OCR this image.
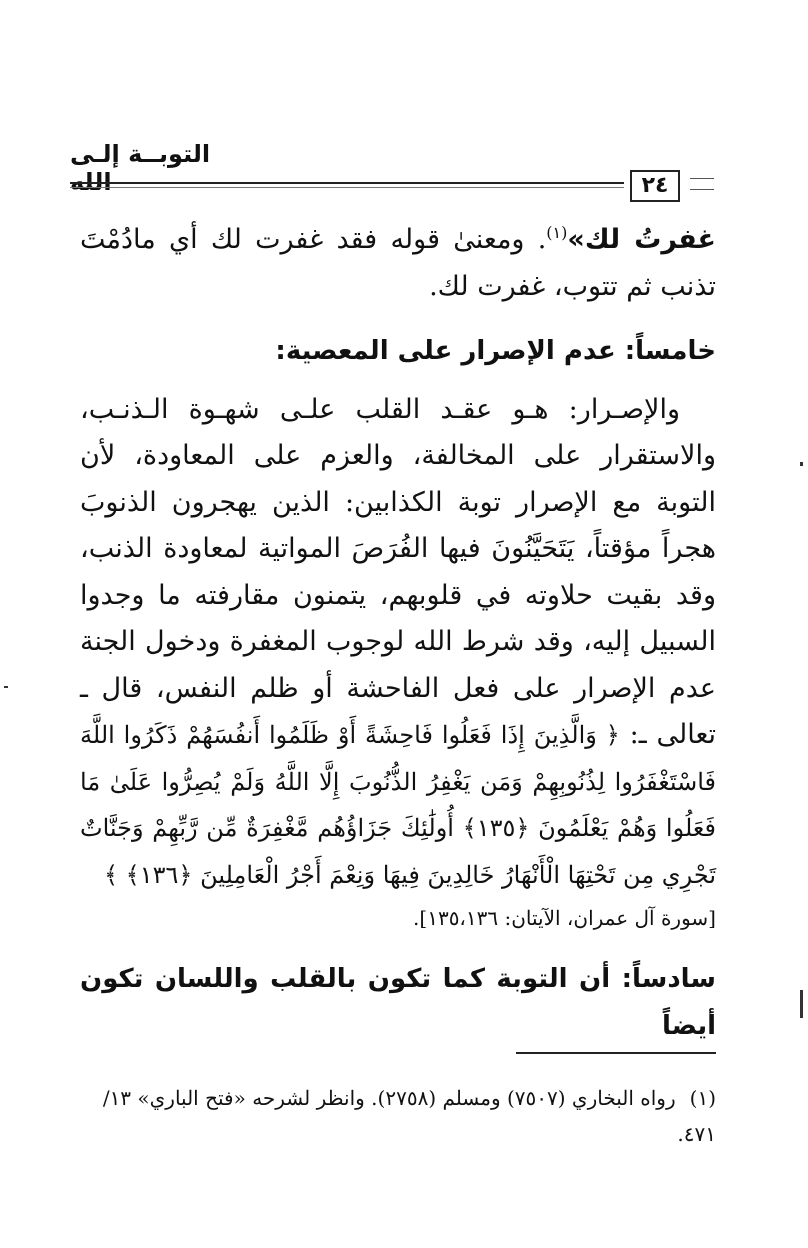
التوبــة إلـى الله	٢٤

غفرتُ لك»$^{(١)}$. ومعنىٰ قوله فقد غفرت لك أي مادُمْتَ تذنب ثم تتوب، غفرت لك.

خامساً: عدم الإصرار على المعصية:

والإصـرار: هـو عقـد القلب علـى شهـوة الـذنـب، والاستقرار على المخالفة، والعزم على المعاودة، لأن التوبة مع الإصرار توبة الكذابين: الذين يهجرون الذنوبَ هجراً مؤقتاً، يَتَحَيَّنُونَ فيها الفُرَصَ المواتية لمعاودة الذنب، وقد بقيت حلاوته في قلوبهم، يتمنون مقارفته ما وجدوا السبيل إليه، وقد شرط الله لوجوب المغفرة ودخول الجنة عدم الإصرار على فعل الفاحشة أو ظلم النفس، قال ـ تعالى ـ: ﴿ وَالَّذِينَ إِذَا فَعَلُوا فَاحِشَةً أَوْ ظَلَمُوا أَنفُسَهُمْ ذَكَرُوا اللَّهَ فَاسْتَغْفَرُوا لِذُنُوبِهِمْ وَمَن يَغْفِرُ الذُّنُوبَ إِلَّا اللَّهُ وَلَمْ يُصِرُّوا عَلَىٰ مَا فَعَلُوا وَهُمْ يَعْلَمُونَ ﴿١٣٥﴾ أُولَٰئِكَ جَزَاؤُهُم مَّغْفِرَةٌ مِّن رَّبِّهِمْ وَجَنَّاتٌ تَجْرِي مِن تَحْتِهَا الْأَنْهَارُ خَالِدِينَ فِيهَا وَنِعْمَ أَجْرُ الْعَامِلِينَ ﴿١٣٦﴾ ﴾

[سورة آل عمران، الآيتان: ١٣٥،١٣٦].

سادساً: أن التوبة كما تكون بالقلب واللسان تكون أيضاً

(١)رواه البخاري (٧٥٠٧) ومسلم (٢٧٥٨). وانظر لشرحه «فتح الباري» ١٣/ ٤٧١.
